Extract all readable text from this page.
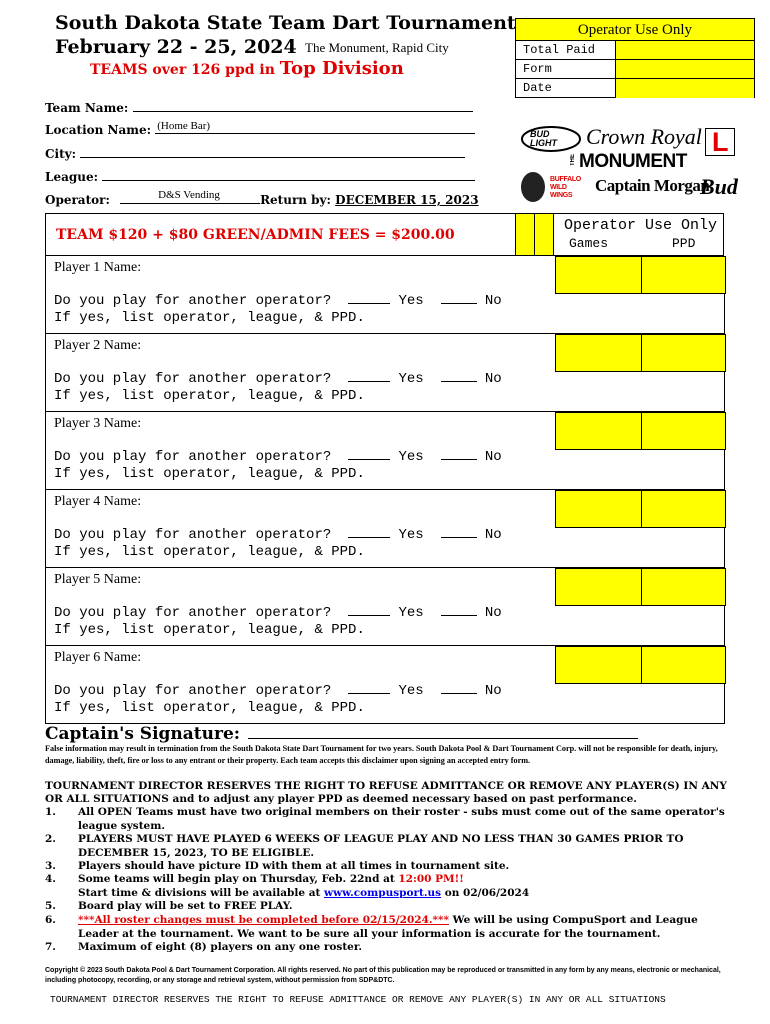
South Dakota State Team Dart Tournament
February 22 - 25, 2024 The Monument, Rapid City
TEAMS over 126 ppd in Top Division
Operator Use Only
Total Paid
Form
Date
Team Name:
Location Name: (Home Bar)
City:
League:
Operator:	D&S Vending	Return by: DECEMBER 15, 2023
BUD LIGHT	Crown Royal L
THE MONUMENT
BUFFALO WILD WINGS
Captain Morgan
Bud
TEAM $120 + $80 GREEN/ADMIN FEES = $200.00
Operator Use Only
Games	PPD
Player 1 Name:
Do you play for another operator?	Yes	No
If yes, list operator, league, & PPD.
Player 2 Name:
Do you play for another operator?	Yes	No
If yes, list operator, league, & PPD.
Player 3 Name:
Do you play for another operator?	Yes	No
If yes, list operator, league, & PPD.
Player 4 Name:
Do you play for another operator?	Yes	No
If yes, list operator, league, & PPD.
Player 5 Name:
Do you play for another operator?	Yes	No
If yes, list operator, league, & PPD.
Player 6 Name:
Do you play for another operator?	Yes	No
If yes, list operator, league, & PPD.
Captain's Signature:
False information may result in termination from the South Dakota State Dart Tournament for two years. South Dakota Pool & Dart Tournament Corp. will not be responsible for death, injury, damage, liability, theft, fire or loss to any entrant or their property. Each team accepts this disclaimer upon signing an accepted entry form.
TOURNAMENT DIRECTOR RESERVES THE RIGHT TO REFUSE ADMITTANCE OR REMOVE ANY PLAYER(S) IN ANY OR ALL SITUATIONS and to adjust any player PPD as deemed necessary based on past performance.
1. All OPEN Teams must have two original members on their roster - subs must come out of the same operator's league system.
2. PLAYERS MUST HAVE PLAYED 6 WEEKS OF LEAGUE PLAY AND NO LESS THAN 30 GAMES PRIOR TO DECEMBER 15, 2023, TO BE ELIGIBLE.
3. Players should have picture ID with them at all times in tournament site.
4. Some teams will begin play on Thursday, Feb. 22nd at 12:00 PM!!
Start time & divisions will be available at www.compusport.us on 02/06/2024
5. Board play will be set to FREE PLAY.
6. ***All roster changes must be completed before 02/15/2024.*** We will be using CompuSport and League Leader at the tournament. We want to be sure all your information is accurate for the tournament.
7. Maximum of eight (8) players on any one roster.
Copyright © 2023 South Dakota Pool & Dart Tournament Corporation. All rights reserved. No part of this publication may be reproduced or transmitted in any form by any means, electronic or mechanical, including photocopy, recording, or any storage and retrieval system, without permission from SDP&DTC.
TOURNAMENT DIRECTOR RESERVES THE RIGHT TO REFUSE ADMITTANCE OR REMOVE ANY PLAYER(S) IN ANY OR ALL SITUATIONS
